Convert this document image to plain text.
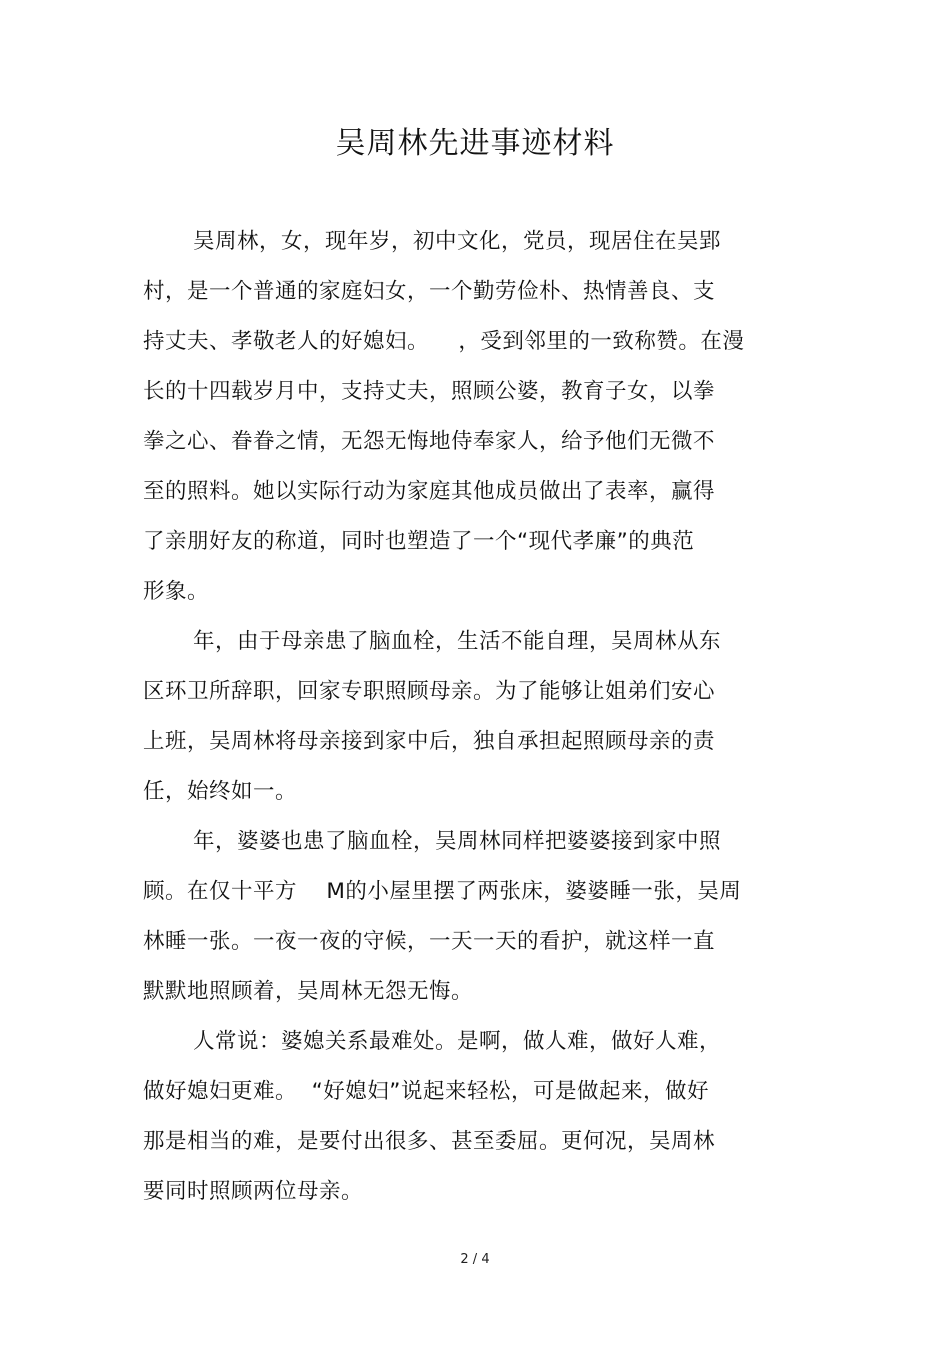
吴周林先进事迹材料
吴周林，女，现年岁，初中文化，党员，现居住在吴郢
村，是一个普通的家庭妇女，一个勤劳俭朴、热情善良、支
持丈夫、孝敬老人的好媳妇。    ，受到邻里的一致称赞。在漫
长的十四载岁月中，支持丈夫，照顾公婆，教育子女，以拳
拳之心、眷眷之情，无怨无悔地侍奉家人，给予他们无微不
至的照料。她以实际行动为家庭其他成员做出了表率，赢得
了亲朋好友的称道，同时也塑造了一个“现代孝廉”的典范
形象。
年，由于母亲患了脑血栓，生活不能自理，吴周林从东
区环卫所辞职，回家专职照顾母亲。为了能够让姐弟们安心
上班，吴周林将母亲接到家中后，独自承担起照顾母亲的责
任，始终如一。
年，婆婆也患了脑血栓，吴周林同样把婆婆接到家中照
顾。在仅十平方    M的小屋里摆了两张床，婆婆睡一张，吴周
林睡一张。一夜一夜的守候，一天一天的看护，就这样一直
默默地照顾着，吴周林无怨无悔。
人常说：婆媳关系最难处。是啊，做人难，做好人难，
做好媳妇更难。  “好媳妇”说起来轻松，可是做起来，做好
那是相当的难，是要付出很多、甚至委屈。更何况，吴周林
要同时照顾两位母亲。
2 / 4
